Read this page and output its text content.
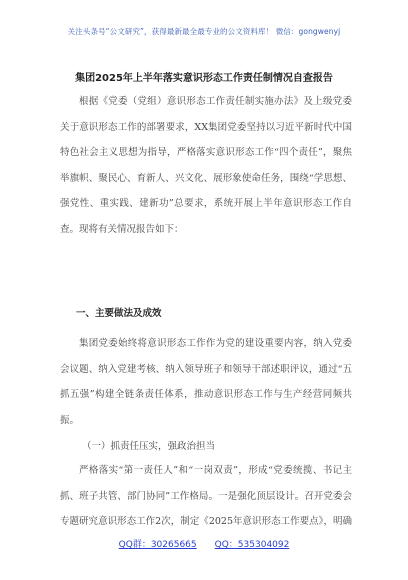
关注头条号“公文研究”，获得最新最全最专业的公文资料库！ 微信：gongwenyj
集团2025年上半年落实意识形态工作责任制情况自查报告
根据《党委（党组）意识形态工作责任制实施办法》及上级党委关于意识形态工作的部署要求，XX集团党委坚持以习近平新时代中国特色社会主义思想为指导，严格落实意识形态工作“四个责任”，聚焦举旗帜、聚民心、育新人、兴文化、展形象使命任务，围绕“学思想、强党性、重实践、建新功”总要求，系统开展上半年意识形态工作自查。现将有关情况报告如下：
一、主要做法及成效
集团党委始终将意识形态工作作为党的建设重要内容，纳入党委会议题、纳入党建考核、纳入领导班子和领导干部述职评议，通过“五抓五强”构建全链条责任体系，推动意识形态工作与生产经营同频共振。
（一）抓责任压实，强政治担当
严格落实“第一责任人”和“一岗双责”，形成“党委统揽、书记主抓、班子共管、部门协同”工作格局。一是强化顶层设计。召开党委会专题研究意识形态工作2次，制定《2025年意识形态工作要点》，明确
QQ群：30265665 QQ：535304092
